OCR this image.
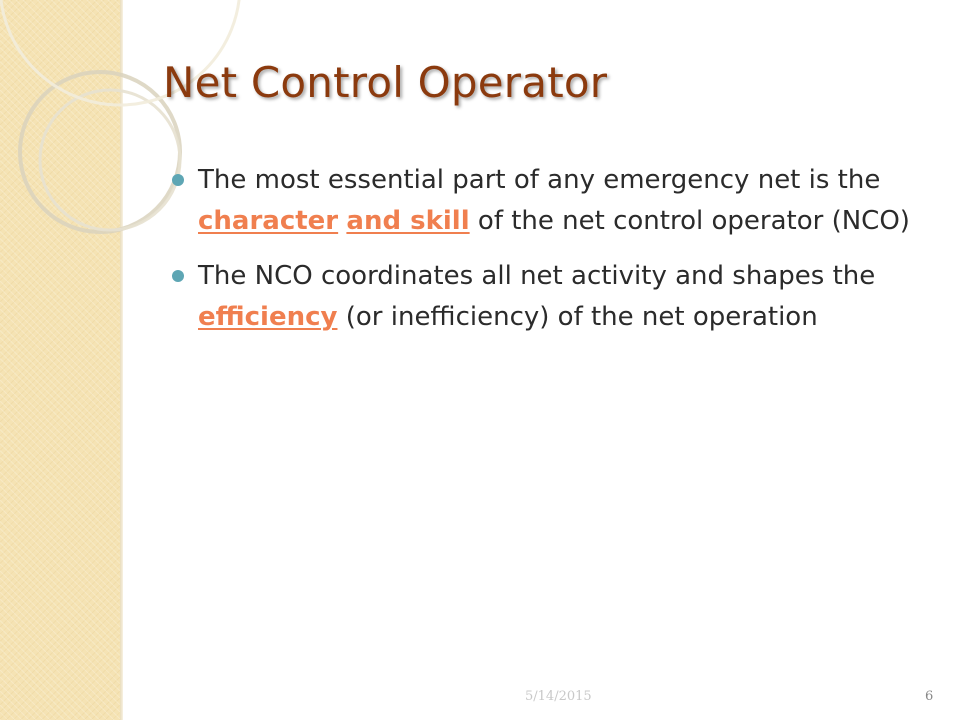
Net Control Operator
The most essential part of any emergency net is the character and skill of the net control operator (NCO)
The NCO coordinates all net activity and shapes the efficiency (or inefficiency) of the net operation
5/14/2015	6
